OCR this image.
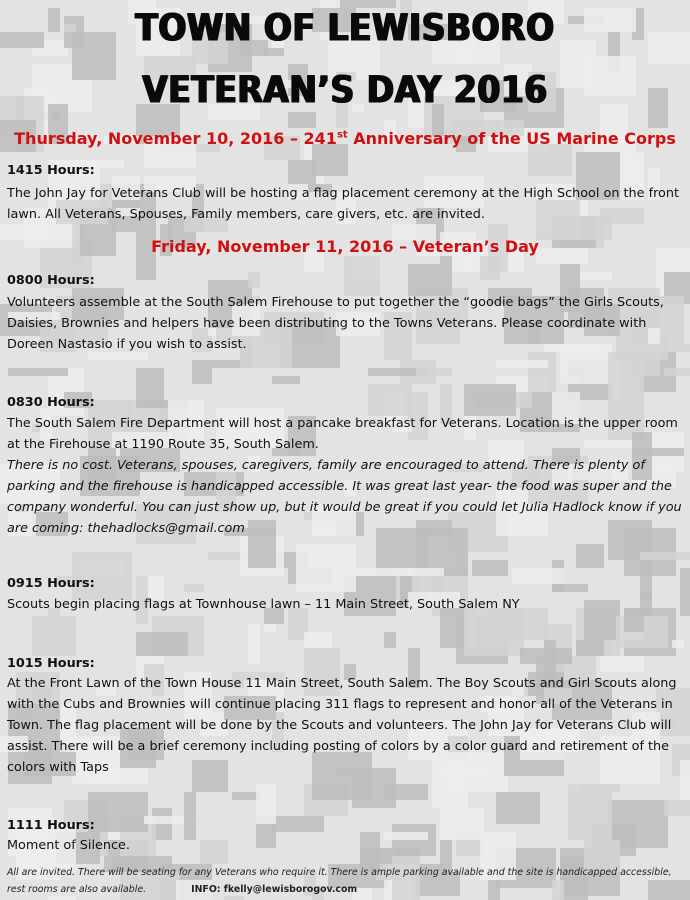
TOWN OF LEWISBORO
VETERAN’S DAY 2016
Thursday, November 10, 2016 – 241st Anniversary of the US Marine Corps
1415 Hours:

The John Jay for Veterans Club will be hosting a flag placement ceremony at the High School on the front lawn. All Veterans, Spouses, Family members, care givers, etc. are invited.

Friday, November 11, 2016 – Veteran’s Day
0800 Hours:

Volunteers assemble at the South Salem Firehouse to put together the “goodie bags” the Girls Scouts, Daisies, Brownies and helpers have been distributing to the Towns Veterans. Please coordinate with Doreen Nastasio if you wish to assist.

0830 Hours:

The South Salem Fire Department will host a pancake breakfast for Veterans. Location is the upper room at the Firehouse at 1190 Route 35, South Salem.

There is no cost. Veterans, spouses, caregivers, family are encouraged to attend. There is plenty of parking and the firehouse is handicapped accessible. It was great last year- the food was super and the company wonderful. You can just show up, but it would be great if you could let Julia Hadlock know if you are coming: thehadlocks@gmail.com

0915 Hours:

Scouts begin placing flags at Townhouse lawn – 11 Main Street, South Salem NY

1015 Hours:

At the Front Lawn of the Town House 11 Main Street, South Salem. The Boy Scouts and Girl Scouts along with the Cubs and Brownies will continue placing 311 flags to represent and honor all of the Veterans in Town. The flag placement will be done by the Scouts and volunteers. The John Jay for Veterans Club will assist. There will be a brief ceremony including posting of colors by a color guard and retirement of the colors with Taps

1111 Hours:

Moment of Silence.

All are invited. There will be seating for any Veterans who require it. There is ample parking available and the site is handicapped accessible, rest rooms are also available.	INFO: fkelly@lewisborogov.com
